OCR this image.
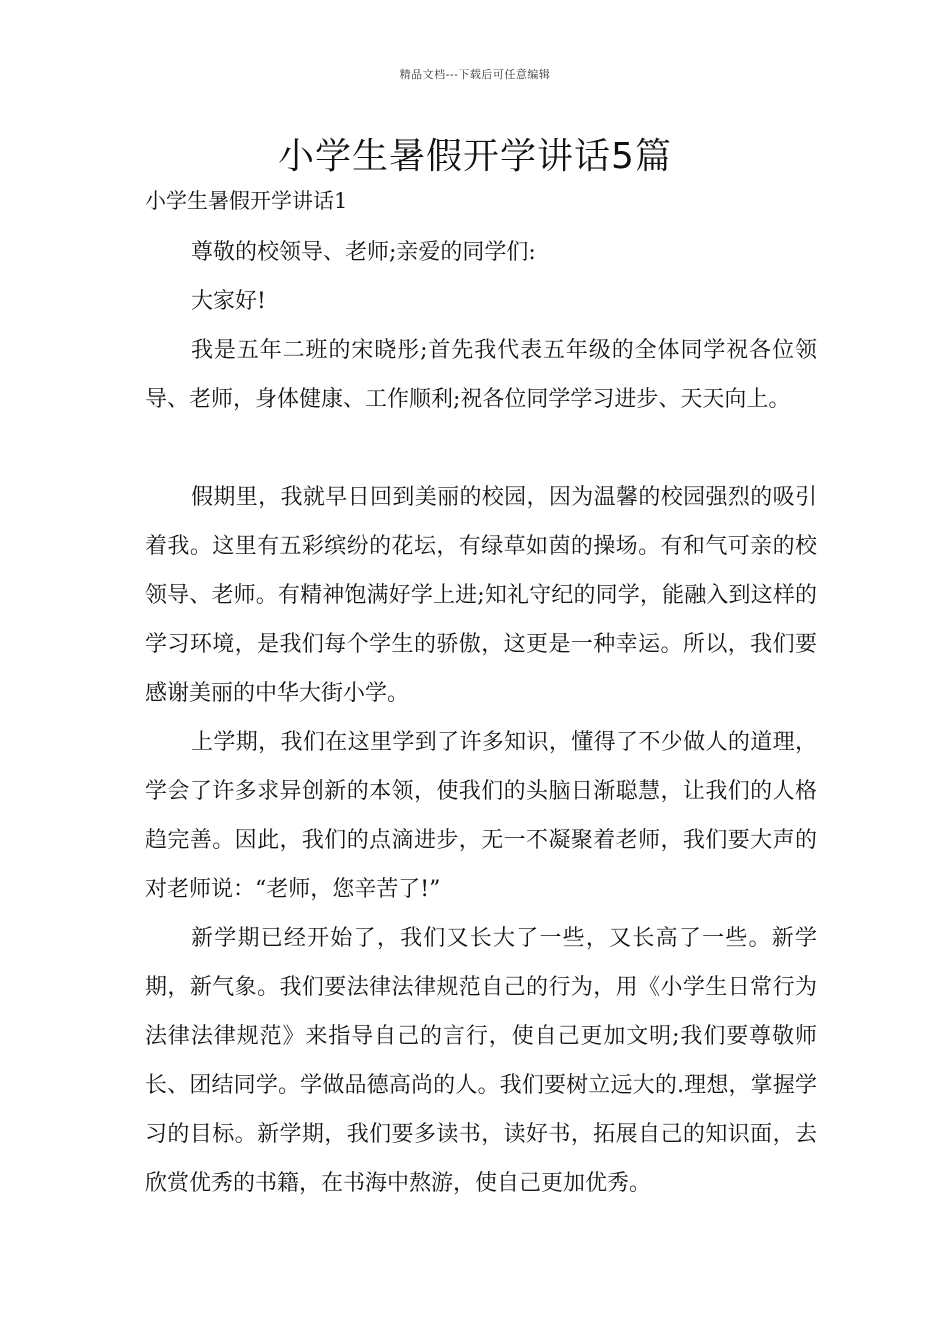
精品文档---下载后可任意编辑
小学生暑假开学讲话5篇
小学生暑假开学讲话1

尊敬的校领导、老师;亲爱的同学们:

大家好!

我是五年二班的宋晓彤;首先我代表五年级的全体同学祝各位领导、老师，身体健康、工作顺利;祝各位同学学习进步、天天向上。

假期里，我就早日回到美丽的校园，因为温馨的校园强烈的吸引着我。这里有五彩缤纷的花坛，有绿草如茵的操场。有和气可亲的校领导、老师。有精神饱满好学上进;知礼守纪的同学，能融入到这样的学习环境，是我们每个学生的骄傲，这更是一种幸运。所以，我们要感谢美丽的中华大街小学。

上学期，我们在这里学到了许多知识，懂得了不少做人的道理，学会了许多求异创新的本领，使我们的头脑日渐聪慧，让我们的人格趋完善。因此，我们的点滴进步，无一不凝聚着老师，我们要大声的对老师说：“老师，您辛苦了!”

新学期已经开始了，我们又长大了一些，又长高了一些。新学期，新气象。我们要法律法律规范自己的行为，用《小学生日常行为法律法律规范》来指导自己的言行，使自己更加文明;我们要尊敬师长、团结同学。学做品德高尚的人。我们要树立远大的.理想，掌握学习的目标。新学期，我们要多读书，读好书，拓展自己的知识面，去欣赏优秀的书籍，在书海中熬游，使自己更加优秀。
